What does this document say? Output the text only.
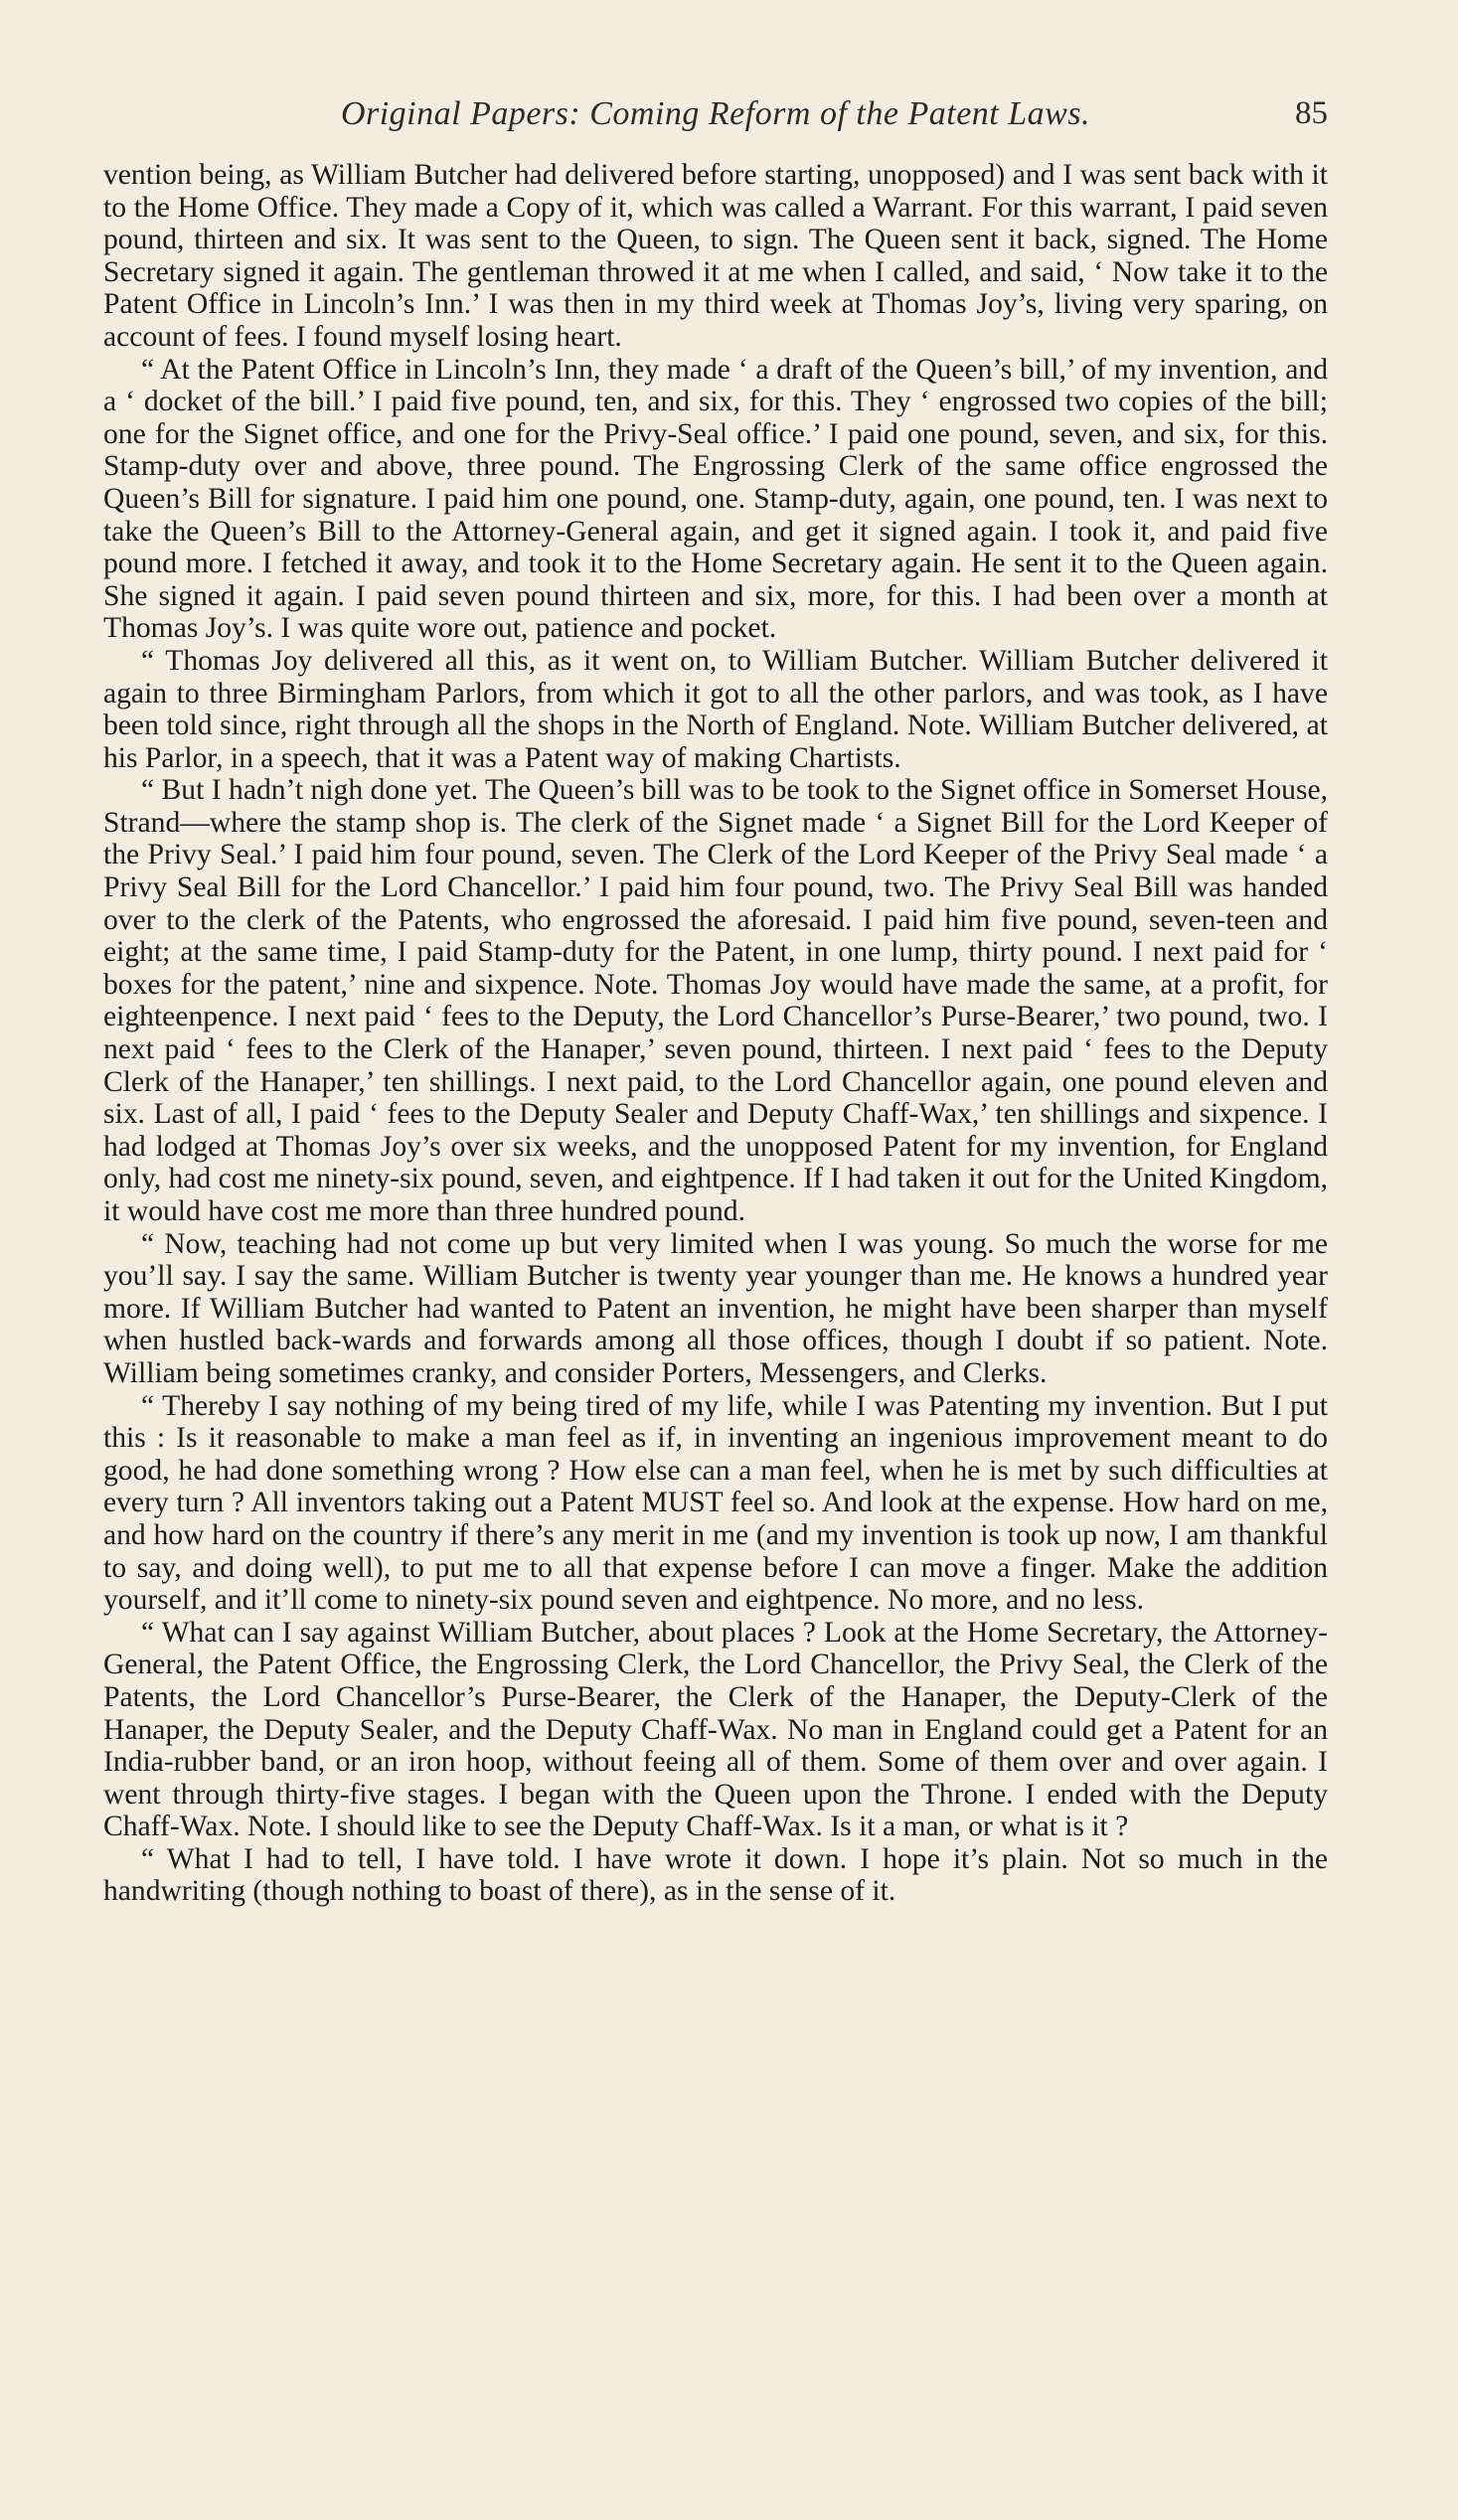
Original Papers: Coming Reform of the Patent Laws.	85

vention being, as William Butcher had delivered before starting, unopposed) and I was sent back with it to the Home Office. They made a Copy of it, which was called a Warrant. For this warrant, I paid seven pound, thirteen and six. It was sent to the Queen, to sign. The Queen sent it back, signed. The Home Secretary signed it again. The gentleman throwed it at me when I called, and said, ‘ Now take it to the Patent Office in Lincoln’s Inn.’ I was then in my third week at Thomas Joy’s, living very sparing, on account of fees. I found myself losing heart.

“ At the Patent Office in Lincoln’s Inn, they made ‘ a draft of the Queen’s bill,’ of my invention, and a ‘ docket of the bill.’ I paid five pound, ten, and six, for this. They ‘ engrossed two copies of the bill; one for the Signet office, and one for the Privy-Seal office.’ I paid one pound, seven, and six, for this. Stamp-duty over and above, three pound. The Engrossing Clerk of the same office engrossed the Queen’s Bill for signature. I paid him one pound, one. Stamp-duty, again, one pound, ten. I was next to take the Queen’s Bill to the Attorney-General again, and get it signed again. I took it, and paid five pound more. I fetched it away, and took it to the Home Secretary again. He sent it to the Queen again. She signed it again. I paid seven pound thirteen and six, more, for this. I had been over a month at Thomas Joy’s. I was quite wore out, patience and pocket.

“ Thomas Joy delivered all this, as it went on, to William Butcher. William Butcher delivered it again to three Birmingham Parlors, from which it got to all the other parlors, and was took, as I have been told since, right through all the shops in the North of England. Note. William Butcher delivered, at his Parlor, in a speech, that it was a Patent way of making Chartists.

“ But I hadn’t nigh done yet. The Queen’s bill was to be took to the Signet office in Somerset House, Strand—where the stamp shop is. The clerk of the Signet made ‘ a Signet Bill for the Lord Keeper of the Privy Seal.’ I paid him four pound, seven. The Clerk of the Lord Keeper of the Privy Seal made ‘ a Privy Seal Bill for the Lord Chancellor.’ I paid him four pound, two. The Privy Seal Bill was handed over to the clerk of the Patents, who engrossed the aforesaid. I paid him five pound, seven-teen and eight; at the same time, I paid Stamp-duty for the Patent, in one lump, thirty pound. I next paid for ‘ boxes for the patent,’ nine and sixpence. Note. Thomas Joy would have made the same, at a profit, for eighteenpence. I next paid ‘ fees to the Deputy, the Lord Chancellor’s Purse-Bearer,’ two pound, two. I next paid ‘ fees to the Clerk of the Hanaper,’ seven pound, thirteen. I next paid ‘ fees to the Deputy Clerk of the Hanaper,’ ten shillings. I next paid, to the Lord Chancellor again, one pound eleven and six. Last of all, I paid ‘ fees to the Deputy Sealer and Deputy Chaff-Wax,’ ten shillings and sixpence. I had lodged at Thomas Joy’s over six weeks, and the unopposed Patent for my invention, for England only, had cost me ninety-six pound, seven, and eightpence. If I had taken it out for the United Kingdom, it would have cost me more than three hundred pound.

“ Now, teaching had not come up but very limited when I was young. So much the worse for me you’ll say. I say the same. William Butcher is twenty year younger than me. He knows a hundred year more. If William Butcher had wanted to Patent an invention, he might have been sharper than myself when hustled back-wards and forwards among all those offices, though I doubt if so patient. Note. William being sometimes cranky, and consider Porters, Messengers, and Clerks.

“ Thereby I say nothing of my being tired of my life, while I was Patenting my invention. But I put this : Is it reasonable to make a man feel as if, in inventing an ingenious improvement meant to do good, he had done something wrong ? How else can a man feel, when he is met by such difficulties at every turn ? All inventors taking out a Patent MUST feel so. And look at the expense. How hard on me, and how hard on the country if there’s any merit in me (and my invention is took up now, I am thankful to say, and doing well), to put me to all that expense before I can move a finger. Make the addition yourself, and it’ll come to ninety-six pound seven and eightpence. No more, and no less.

“ What can I say against William Butcher, about places ? Look at the Home Secretary, the Attorney-General, the Patent Office, the Engrossing Clerk, the Lord Chancellor, the Privy Seal, the Clerk of the Patents, the Lord Chancellor’s Purse-Bearer, the Clerk of the Hanaper, the Deputy-Clerk of the Hanaper, the Deputy Sealer, and the Deputy Chaff-Wax. No man in England could get a Patent for an India-rubber band, or an iron hoop, without feeing all of them. Some of them over and over again. I went through thirty-five stages. I began with the Queen upon the Throne. I ended with the Deputy Chaff-Wax. Note. I should like to see the Deputy Chaff-Wax. Is it a man, or what is it ?

“ What I had to tell, I have told. I have wrote it down. I hope it’s plain. Not so much in the handwriting (though nothing to boast of there), as in the sense of it.
